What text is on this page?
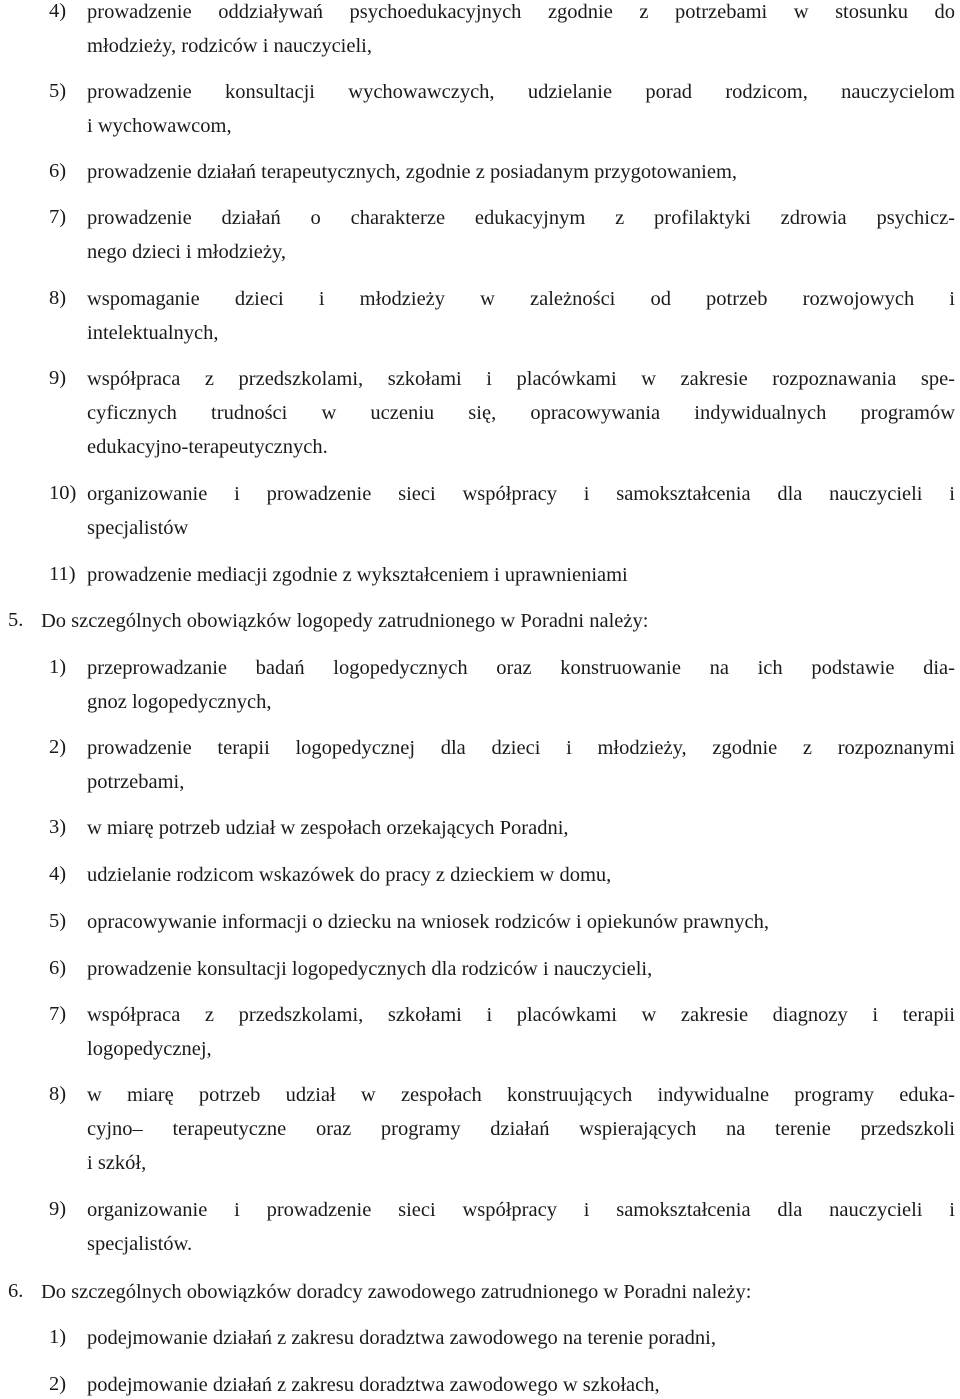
4) prowadzenie oddziaływań psychoedukacyjnych zgodnie z potrzebami w stosunku do
młodzieży, rodziców i nauczycieli,
5) prowadzenie konsultacji wychowawczych, udzielanie porad rodzicom, nauczycielom
i wychowawcom,
6) prowadzenie działań terapeutycznych, zgodnie z posiadanym przygotowaniem,
7) prowadzenie działań o charakterze edukacyjnym z profilaktyki zdrowia psychicz-
nego dzieci i młodzieży,
8) wspomaganie dzieci i młodzieży w zależności od potrzeb rozwojowych i
intelektualnych,
9) współpraca z przedszkolami, szkołami i placówkami w zakresie rozpoznawania spe-
cyficznych trudności w uczeniu się, opracowywania indywidualnych programów
edukacyjno-terapeutycznych.
10) organizowanie i prowadzenie sieci współpracy i samokształcenia dla nauczycieli i
specjalistów
11) prowadzenie mediacji zgodnie z wykształceniem i uprawnieniami
5. Do szczególnych obowiązków logopedy zatrudnionego w Poradni należy:
1) przeprowadzanie badań logopedycznych oraz konstruowanie na ich podstawie dia-
gnoz logopedycznych,
2) prowadzenie terapii logopedycznej dla dzieci i młodzieży, zgodnie z rozpoznanymi
potrzebami,
3) w miarę potrzeb udział w zespołach orzekających Poradni,
4) udzielanie rodzicom wskazówek do pracy z dzieckiem w domu,
5) opracowywanie informacji o dziecku na wniosek rodziców i opiekunów prawnych,
6) prowadzenie konsultacji logopedycznych dla rodziców i nauczycieli,
7) współpraca z przedszkolami, szkołami i placówkami w zakresie diagnozy i terapii
logopedycznej,
8) w miarę potrzeb udział w zespołach konstruujących indywidualne programy eduka-
cyjno– terapeutyczne oraz programy działań wspierających na terenie przedszkoli
i szkół,
9) organizowanie i prowadzenie sieci współpracy i samokształcenia dla nauczycieli i
specjalistów.
6. Do szczególnych obowiązków doradcy zawodowego zatrudnionego w Poradni należy:
1) podejmowanie działań z zakresu doradztwa zawodowego na terenie poradni,
2) podejmowanie działań z zakresu doradztwa zawodowego w szkołach,
